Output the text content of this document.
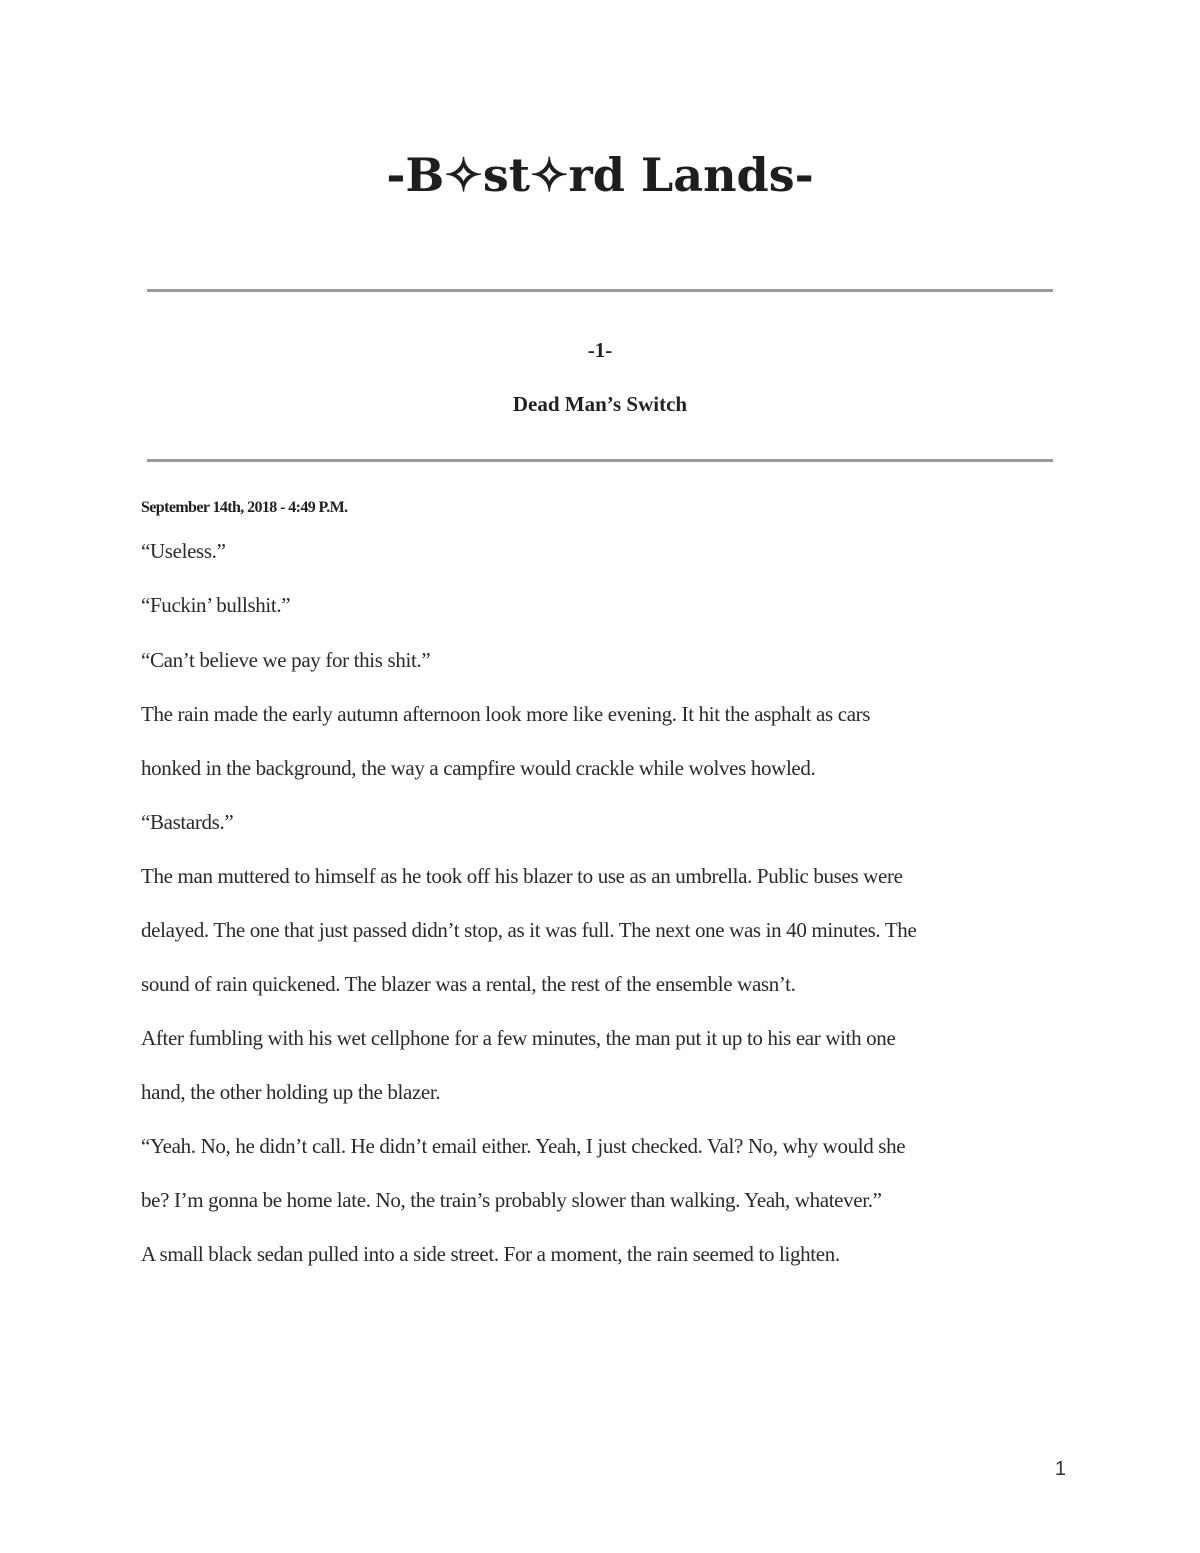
-B✧st✧rd Lands-
-1-
Dead Man’s Switch
September 14th, 2018 - 4:49 P.M.
“Useless.”
“Fuckin’ bullshit.”
“Can’t believe we pay for this shit.”
The rain made the early autumn afternoon look more like evening. It hit the asphalt as cars
honked in the background, the way a campfire would crackle while wolves howled.
“Bastards.”
The man muttered to himself as he took off his blazer to use as an umbrella. Public buses were
delayed. The one that just passed didn’t stop, as it was full. The next one was in 40 minutes. The
sound of rain quickened. The blazer was a rental, the rest of the ensemble wasn’t.
After fumbling with his wet cellphone for a few minutes, the man put it up to his ear with one
hand, the other holding up the blazer.
“Yeah. No, he didn’t call. He didn’t email either. Yeah, I just checked. Val? No, why would she
be? I’m gonna be home late. No, the train’s probably slower than walking. Yeah, whatever.”
A small black sedan pulled into a side street. For a moment, the rain seemed to lighten.
1
